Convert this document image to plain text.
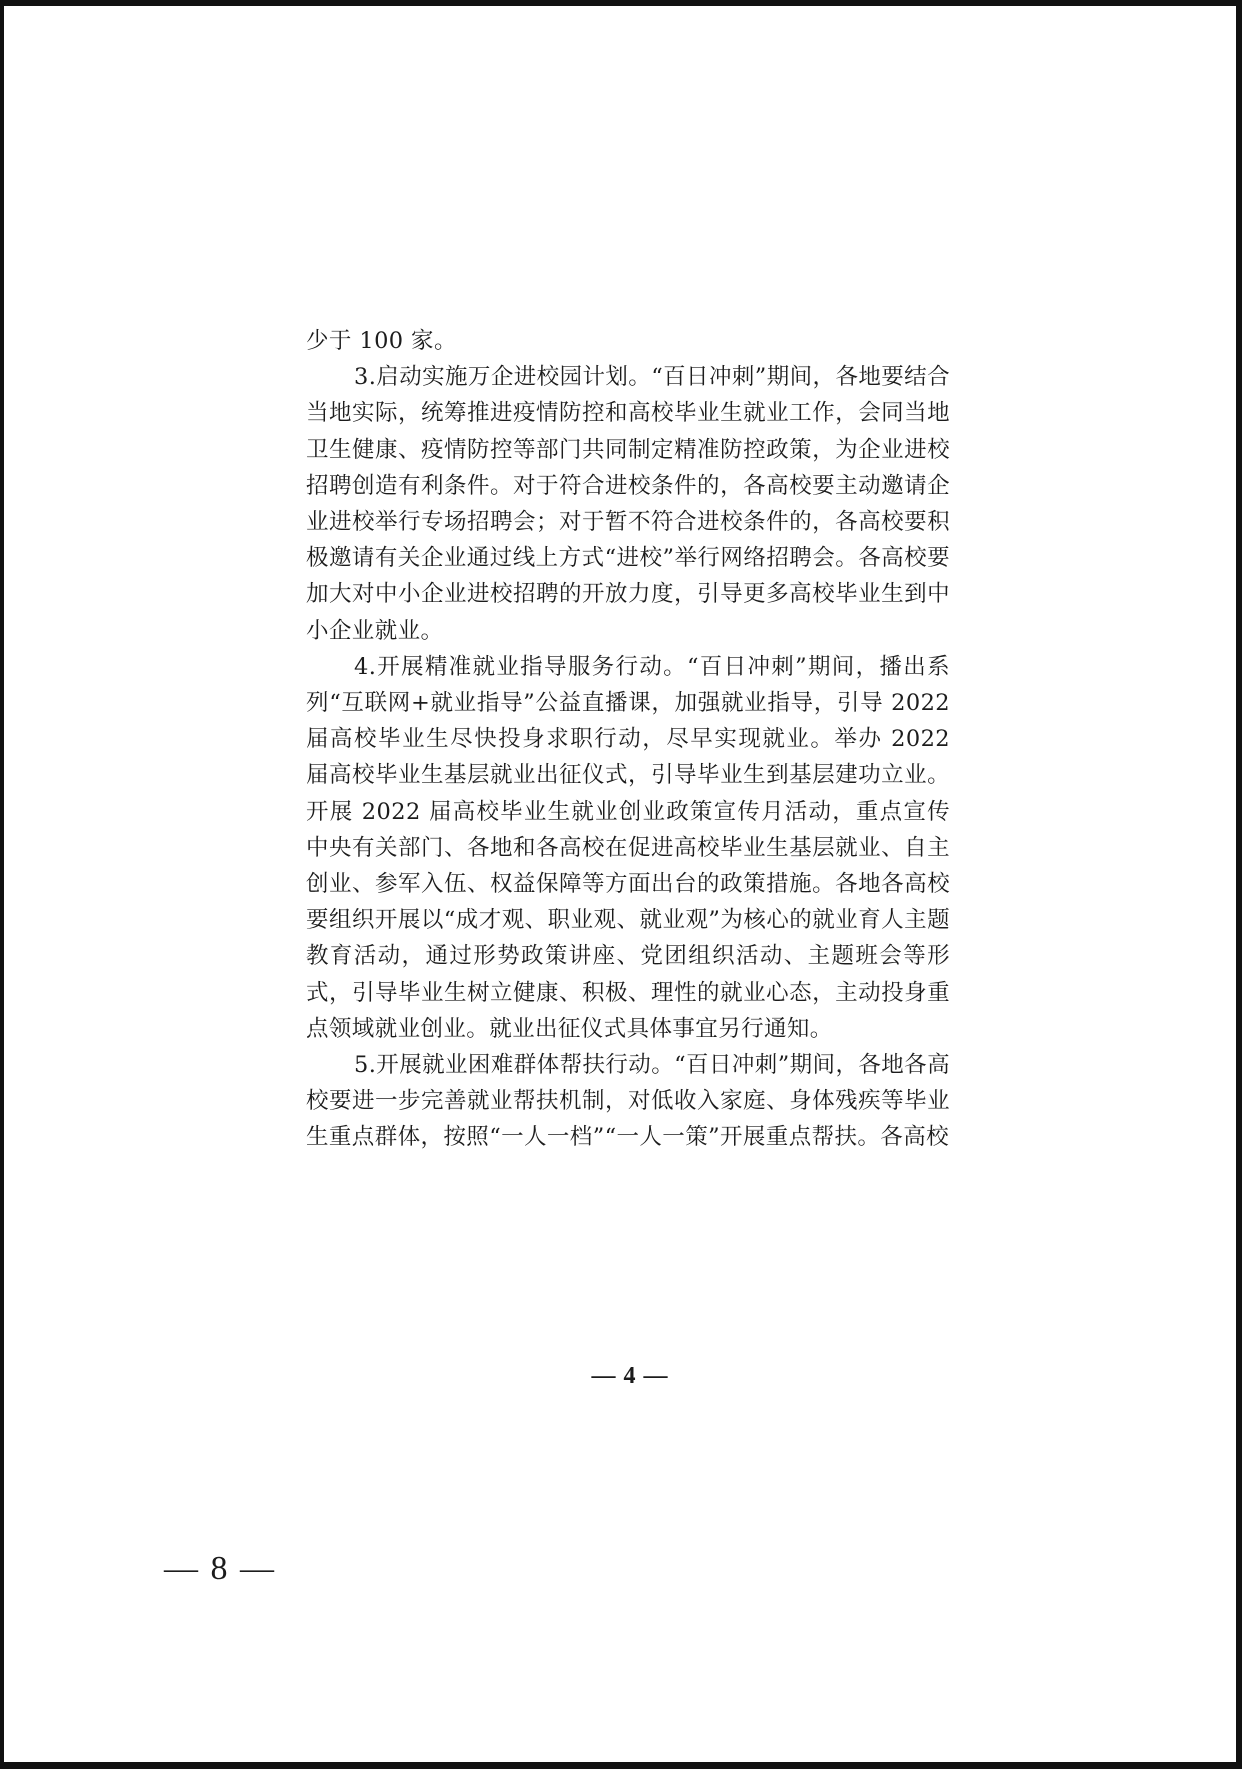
少于 100 家。

3.启动实施万企进校园计划。“百日冲刺”期间，各地要结合当地实际，统筹推进疫情防控和高校毕业生就业工作，会同当地卫生健康、疫情防控等部门共同制定精准防控政策，为企业进校招聘创造有利条件。对于符合进校条件的，各高校要主动邀请企业进校举行专场招聘会；对于暂不符合进校条件的，各高校要积极邀请有关企业通过线上方式“进校”举行网络招聘会。各高校要加大对中小企业进校招聘的开放力度，引导更多高校毕业生到中小企业就业。

4.开展精准就业指导服务行动。“百日冲刺”期间，播出系列“互联网+就业指导”公益直播课，加强就业指导，引导 2022 届高校毕业生尽快投身求职行动，尽早实现就业。举办 2022 届高校毕业生基层就业出征仪式，引导毕业生到基层建功立业。开展 2022 届高校毕业生就业创业政策宣传月活动，重点宣传中央有关部门、各地和各高校在促进高校毕业生基层就业、自主创业、参军入伍、权益保障等方面出台的政策措施。各地各高校要组织开展以“成才观、职业观、就业观”为核心的就业育人主题教育活动，通过形势政策讲座、党团组织活动、主题班会等形式，引导毕业生树立健康、积极、理性的就业心态，主动投身重点领域就业创业。就业出征仪式具体事宜另行通知。

5.开展就业困难群体帮扶行动。“百日冲刺”期间，各地各高校要进一步完善就业帮扶机制，对低收入家庭、身体残疾等毕业生重点群体，按照“一人一档”“一人一策”开展重点帮扶。各高校

— 4 —
— 8 —
